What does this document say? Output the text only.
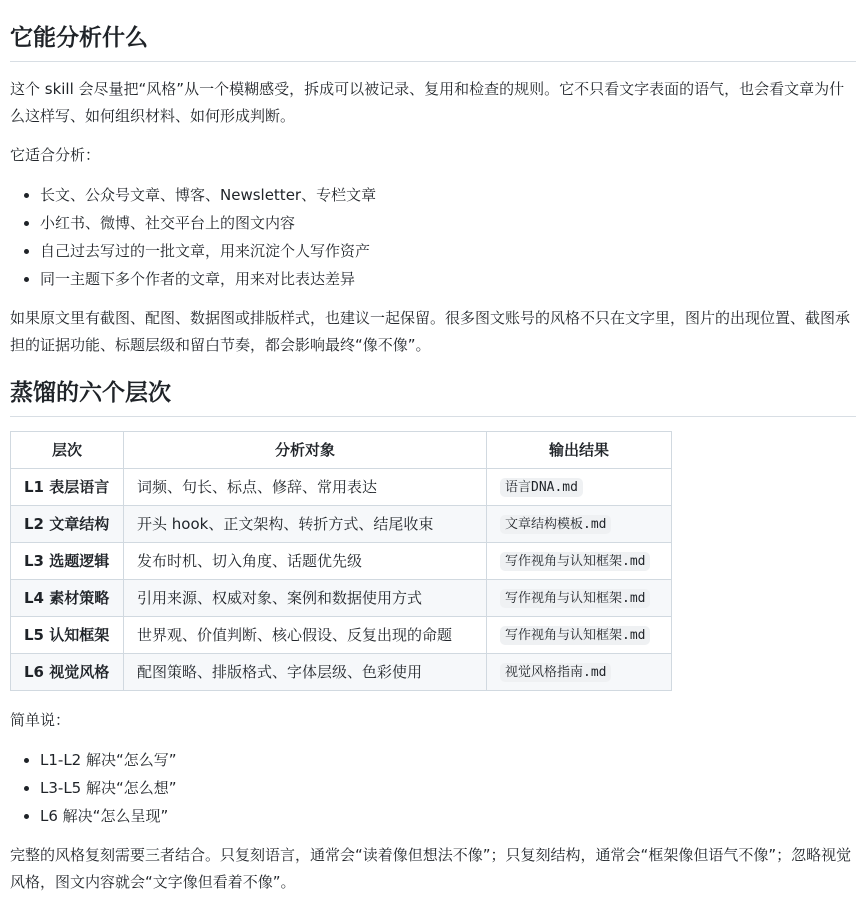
它能分析什么

这个 skill 会尽量把“风格”从一个模糊感受，拆成可以被记录、复用和检查的规则。它不只看文字表面的语气，也会看文章为什么这样写、如何组织材料、如何形成判断。

它适合分析：

• 长文、公众号文章、博客、Newsletter、专栏文章
• 小红书、微博、社交平台上的图文内容
• 自己过去写过的一批文章，用来沉淀个人写作资产
• 同一主题下多个作者的文章，用来对比表达差异

如果原文里有截图、配图、数据图或排版样式，也建议一起保留。很多图文账号的风格不只在文字里，图片的出现位置、截图承担的证据功能、标题层级和留白节奏，都会影响最终“像不像”。

蒸馏的六个层次
层次	分析对象	输出结果
L1 表层语言	词频、句长、标点、修辞、常用表达	语言DNA.md
L2 文章结构	开头 hook、正文架构、转折方式、结尾收束	文章结构模板.md
L3 选题逻辑	发布时机、切入角度、话题优先级	写作视角与认知框架.md
L4 素材策略	引用来源、权威对象、案例和数据使用方式	写作视角与认知框架.md
L5 认知框架	世界观、价值判断、核心假设、反复出现的命题	写作视角与认知框架.md
L6 视觉风格	配图策略、排版格式、字体层级、色彩使用	视觉风格指南.md

简单说：

• L1-L2 解决“怎么写”
• L3-L5 解决“怎么想”
• L6 解决“怎么呈现”

完整的风格复刻需要三者结合。只复刻语言，通常会“读着像但想法不像”；只复刻结构，通常会“框架像但语气不像”；忽略视觉风格，图文内容就会“文字像但看着不像”。
